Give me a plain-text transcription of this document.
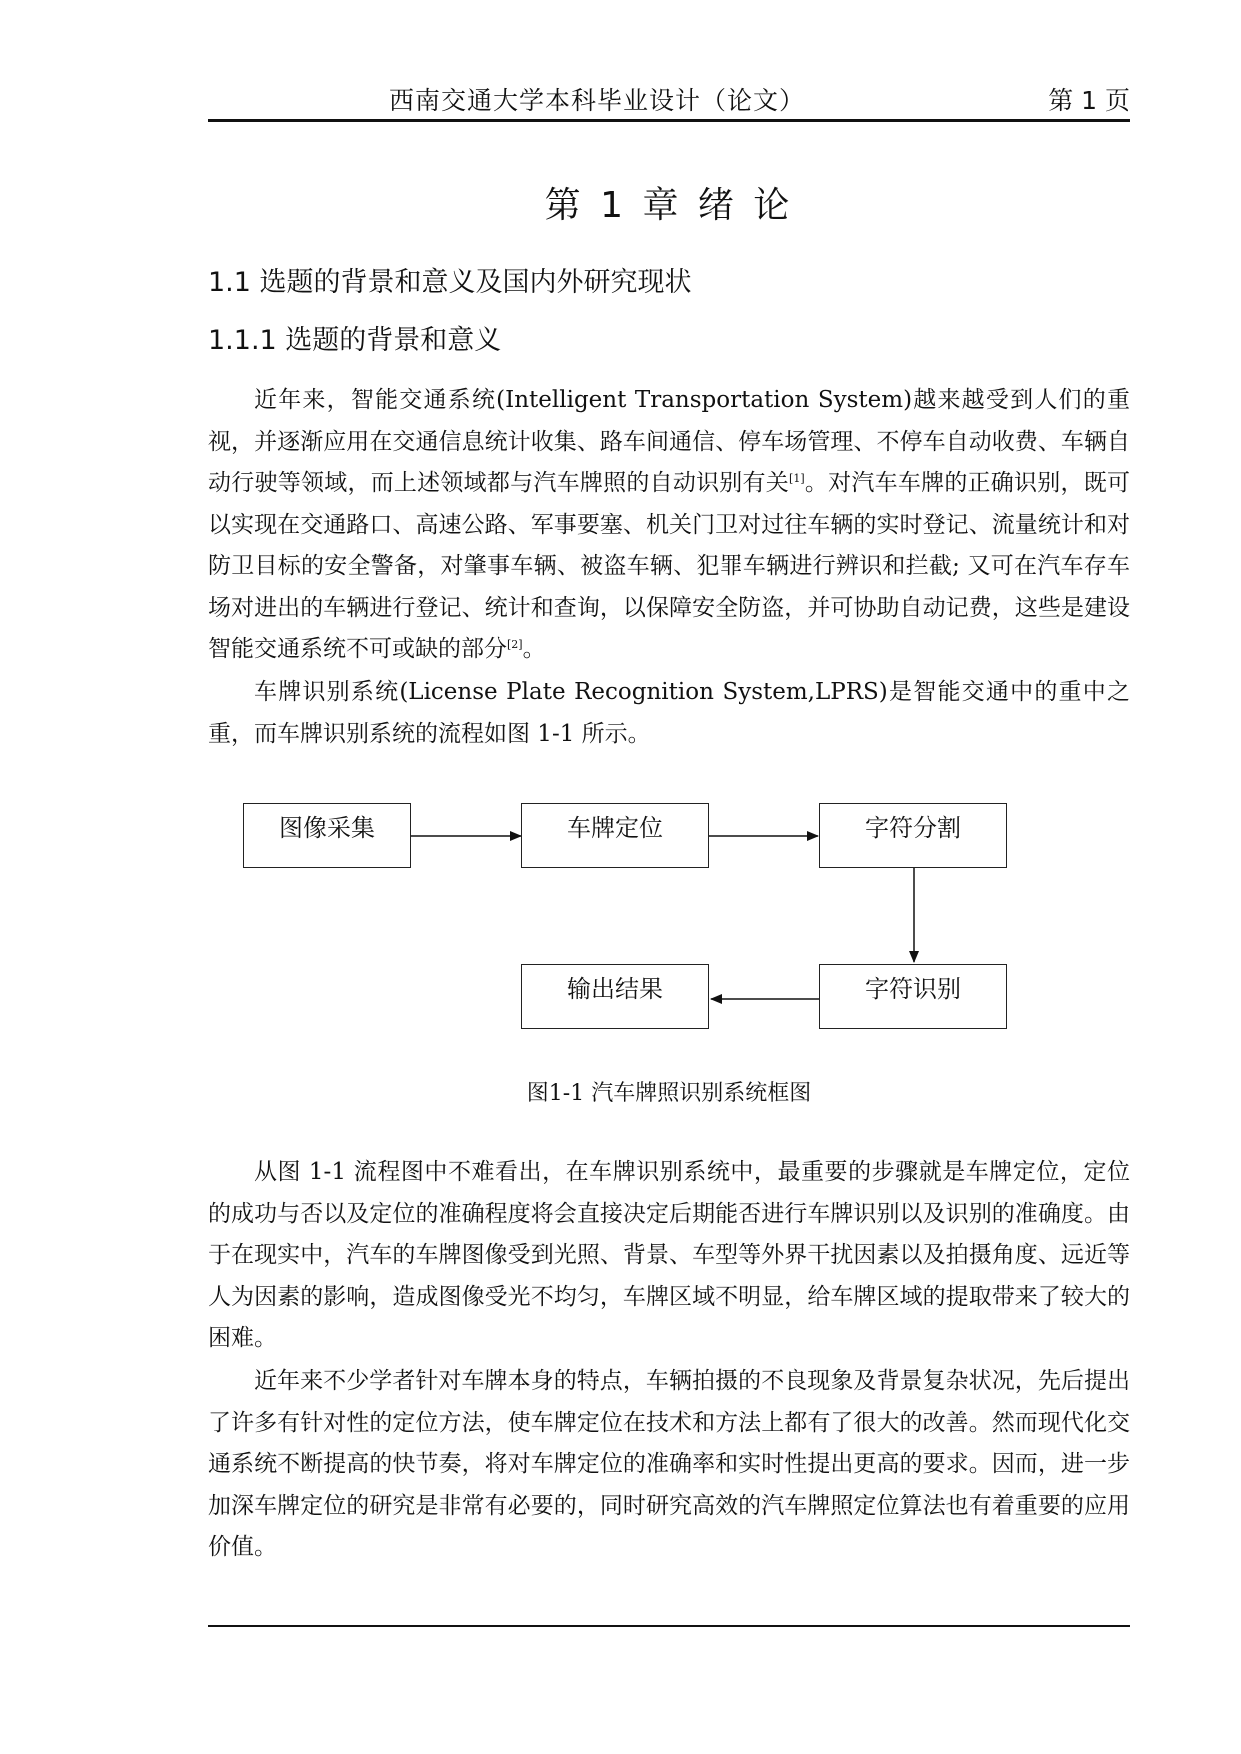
西南交通大学本科毕业设计（论文）	第 1 页
第 1 章 绪 论
1.1 选题的背景和意义及国内外研究现状
1.1.1 选题的背景和意义

近年来，智能交通系统(Intelligent Transportation System)越来越受到人们的重视，并逐渐应用在交通信息统计收集、路车间通信、停车场管理、不停车自动收费、车辆自动行驶等领域，而上述领域都与汽车牌照的自动识别有关[1]。对汽车车牌的正确识别，既可以实现在交通路口、高速公路、军事要塞、机关门卫对过往车辆的实时登记、流量统计和对防卫目标的安全警备，对肇事车辆、被盗车辆、犯罪车辆进行辨识和拦截; 又可在汽车存车场对进出的车辆进行登记、统计和查询，以保障安全防盗，并可协助自动记费，这些是建设智能交通系统不可或缺的部分[2]。

车牌识别系统(License Plate Recognition System,LPRS)是智能交通中的重中之重，而车牌识别系统的流程如图 1-1 所示。

图像采集	车牌定位	字符分割
字符识别
输出结果
图1-1 汽车牌照识别系统框图

从图 1-1 流程图中不难看出，在车牌识别系统中，最重要的步骤就是车牌定位，定位的成功与否以及定位的准确程度将会直接决定后期能否进行车牌识别以及识别的准确度。由于在现实中，汽车的车牌图像受到光照、背景、车型等外界干扰因素以及拍摄角度、远近等人为因素的影响，造成图像受光不均匀，车牌区域不明显，给车牌区域的提取带来了较大的困难。

近年来不少学者针对车牌本身的特点，车辆拍摄的不良现象及背景复杂状况，先后提出了许多有针对性的定位方法，使车牌定位在技术和方法上都有了很大的改善。然而现代化交通系统不断提高的快节奏，将对车牌定位的准确率和实时性提出更高的要求。因而，进一步加深车牌定位的研究是非常有必要的，同时研究高效的汽车牌照定位算法也有着重要的应用价值。
